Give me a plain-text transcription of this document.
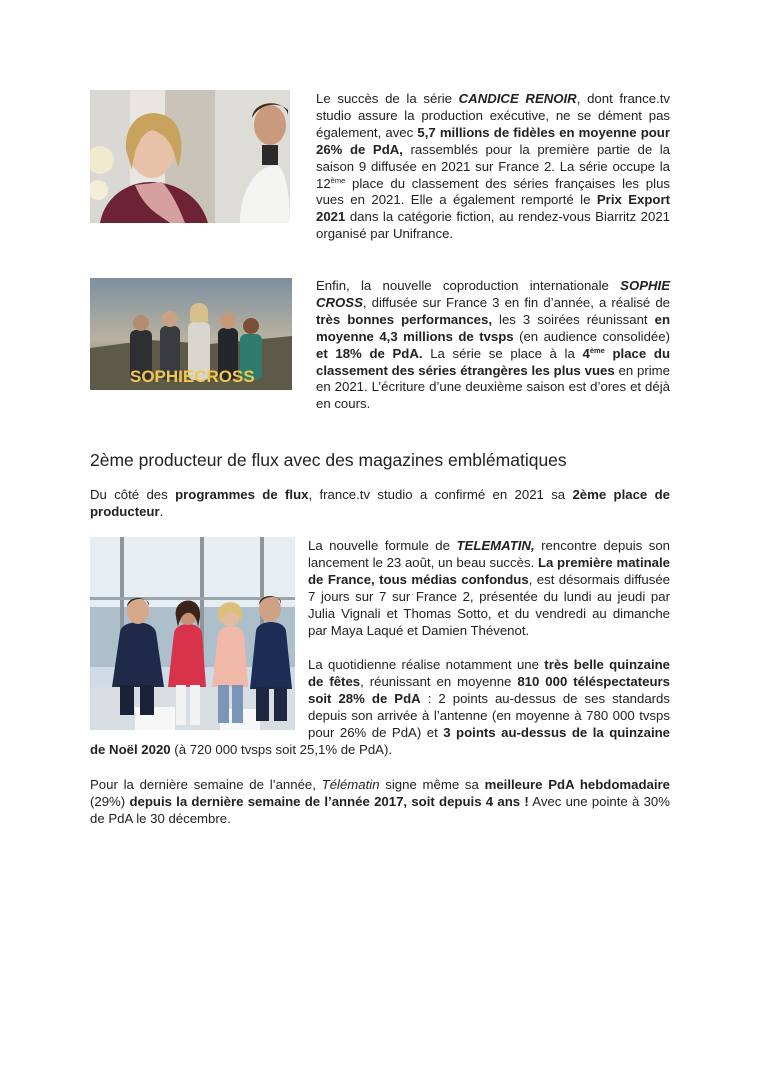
Le succès de la série CANDICE RENOIR, dont france.tv studio assure la production exécutive, ne se dément pas également, avec 5,7 millions de fidèles en moyenne pour 26% de PdA, rassemblés pour la première partie de la saison 9 diffusée en 2021 sur France 2. La série occupe la 12ème place du classement des séries françaises les plus vues en 2021. Elle a également remporté le Prix Export 2021 dans la catégorie fiction, au rendez-vous Biarritz 2021 organisé par Unifrance.

SOPHIECROSS

Enfin, la nouvelle coproduction internationale SOPHIE CROSS, diffusée sur France 3 en fin d’année, a réalisé de très bonnes performances, les 3 soirées réunissant en moyenne 4,3 millions de tvsps (en audience consolidée) et 18% de PdA. La série se place à la 4ème place du classement des séries étrangères les plus vues en prime en 2021. L’écriture d’une deuxième saison est d’ores et déjà en cours.

2ème producteur de flux avec des magazines emblématiques

Du côté des programmes de flux, france.tv studio a confirmé en 2021 sa 2ème place de producteur.

La nouvelle formule de TELEMATIN, rencontre depuis son lancement le 23 août, un beau succès. La première matinale de France, tous médias confondus, est désormais diffusée 7 jours sur 7 sur France 2, présentée du lundi au jeudi par Julia Vignali et Thomas Sotto, et du vendredi au dimanche par Maya Laqué et Damien Thévenot.

La quotidienne réalise notamment une très belle quinzaine de fêtes, réunissant en moyenne 810 000 téléspectateurs soit 28% de PdA : 2 points au-dessus de ses standards depuis son arrivée à l’antenne (en moyenne à 780 000 tvsps pour 26% de PdA) et 3 points au-dessus de la quinzaine de Noël 2020 (à 720 000 tvsps soit 25,1% de PdA).

Pour la dernière semaine de l’année, Télématin signe même sa meilleure PdA hebdomadaire (29%) depuis la dernière semaine de l’année 2017, soit depuis 4 ans ! Avec une pointe à 30% de PdA le 30 décembre.
